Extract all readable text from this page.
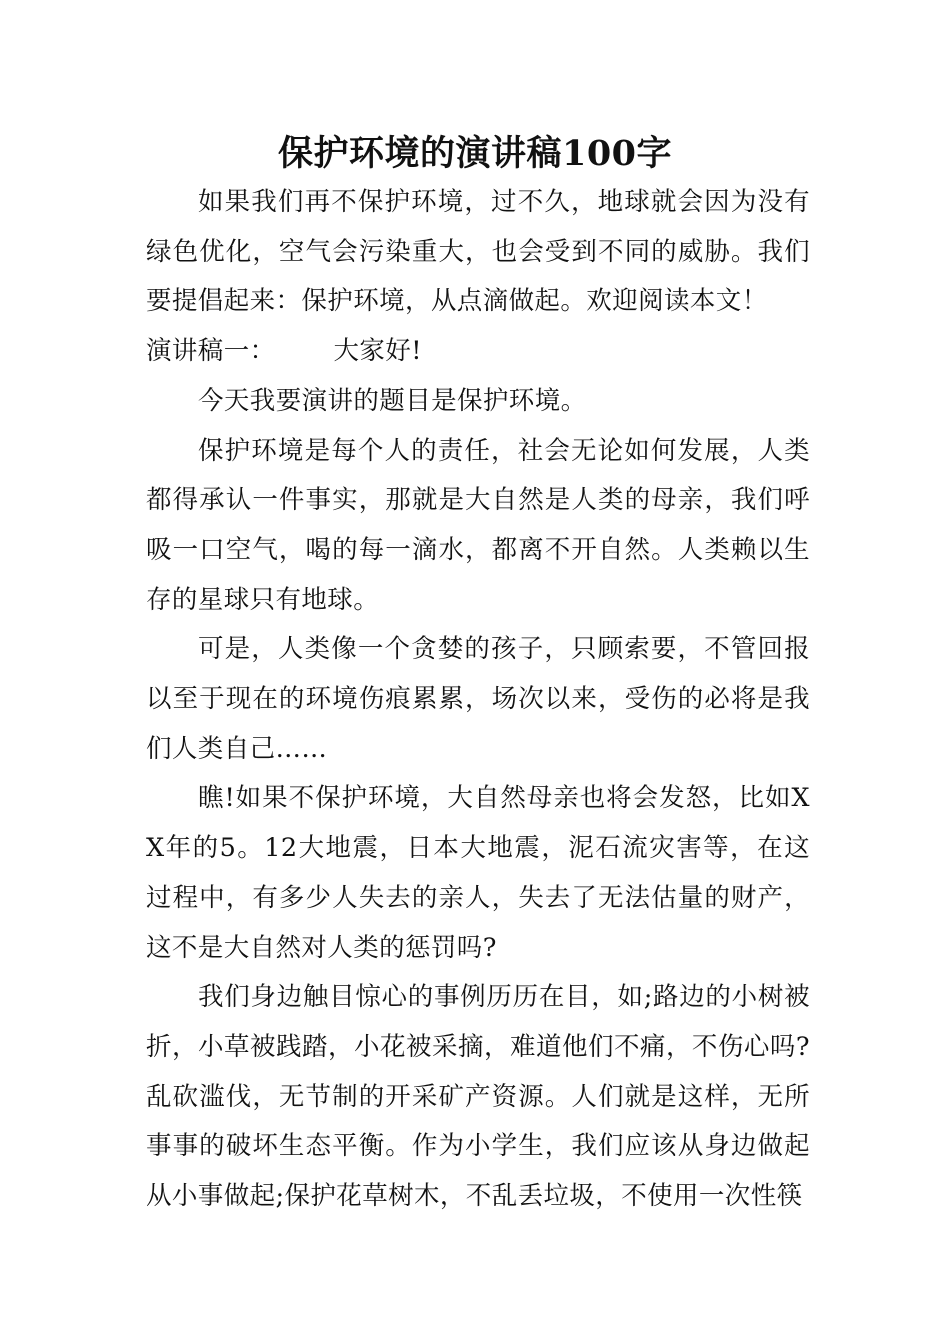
保护环境的演讲稿100字

如果我们再不保护环境，过不久，地球就会因为没有绿色优化，空气会污染重大，也会受到不同的威胁。我们要提倡起来：保护环境，从点滴做起。欢迎阅读本文！

演讲稿一： 大家好!

今天我要演讲的题目是保护环境。

保护环境是每个人的责任，社会无论如何发展，人类都得承认一件事实，那就是大自然是人类的母亲，我们呼吸一口空气，喝的每一滴水，都离不开自然。人类赖以生存的星球只有地球。

可是，人类像一个贪婪的孩子，只顾索要，不管回报以至于现在的环境伤痕累累，场次以来，受伤的必将是我们人类自己……

瞧!如果不保护环境，大自然母亲也将会发怒，比如XX年的5。12大地震，日本大地震，泥石流灾害等，在这过程中，有多少人失去的亲人，失去了无法估量的财产，这不是大自然对人类的惩罚吗?

我们身边触目惊心的事例历历在目，如;路边的小树被折，小草被践踏，小花被采摘，难道他们不痛，不伤心吗?乱砍滥伐，无节制的开采矿产资源。人们就是这样，无所事事的破坏生态平衡。作为小学生，我们应该从身边做起从小事做起;保护花草树木，不乱丢垃圾，不使用一次性筷
